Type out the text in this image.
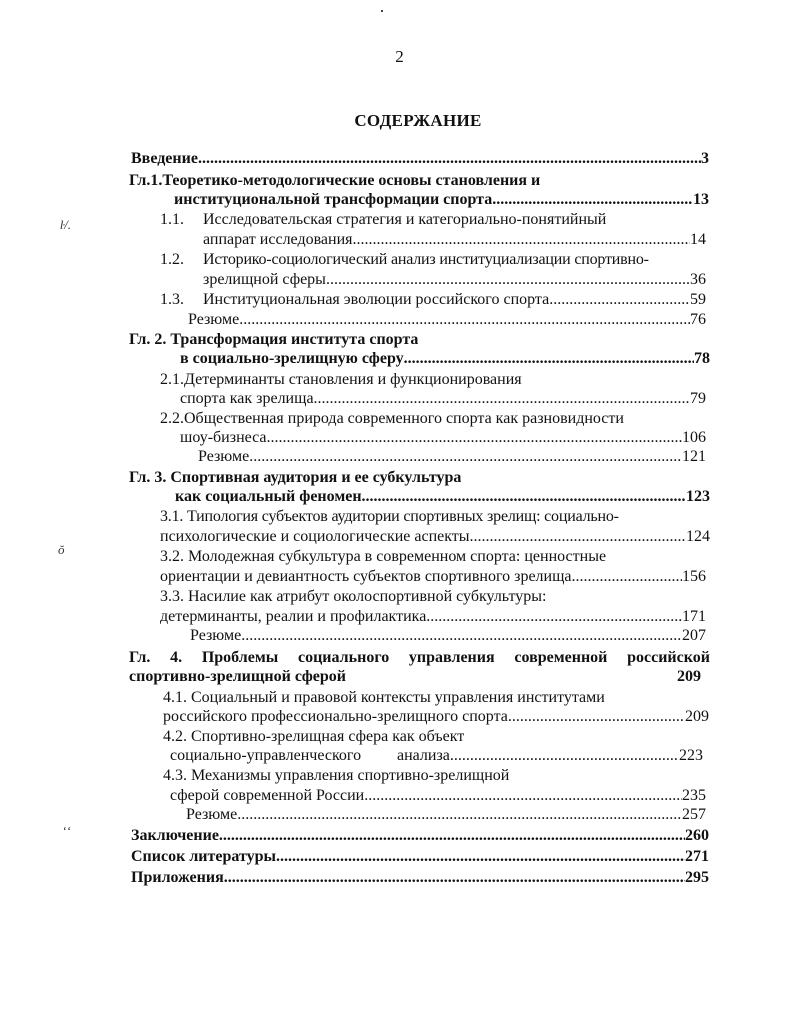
2
СОДЕРЖАНИЕ
Введение .....	3
Гл.1.Теоретико-методологические основы становления и
институциональной трансформации спорта .....	13
1.1. Исследовательская стратегия и категориально-понятийный
аппарат исследования .....	14
1.2. Историко-социологический анализ институциализации спортивно-
зрелищной сферы .....	36
1.3. Институциональная эволюции российского спорта .....	59
Резюме .....	76
Гл. 2. Трансформация института спорта
в социально-зрелищную сферу .....	78
2.1.Детерминанты становления и функционирования
спорта как зрелища .....	79
2.2.Общественная природа современного спорта как разновидности
шоу-бизнеса .....	106
Резюме .....	121
Гл. 3. Спортивная аудитория и ее субкультура
как социальный феномен .....	123
3.1. Типология субъектов аудитории спортивных зрелищ: социально-
психологические и социологические аспекты .....	124
3.2. Молодежная субкультура в современном спорта: ценностные
ориентации и девиантность субъектов спортивного зрелища .....	156
3.3. Насилие как атрибут околоспортивной субкультуры:
детерминанты, реалии и профилактика .....	171
Резюме .....	207
Гл. 4. Проблемы социального управления современной российской
спортивно-зрелищной сферой	209
4.1. Социальный и правовой контексты управления институтами
российского профессионально-зрелищного спорта .....	209
4.2. Спортивно-зрелищная сфера как объект
социально-управленческого анализа .....	223
4.3. Механизмы управления спортивно-зрелищной
сферой современной России .....	235
Резюме .....	257
Заключение .....	260
Список литературы .....	271
Приложения .....	295
ŀ/.
ŏ
ʻʻ
